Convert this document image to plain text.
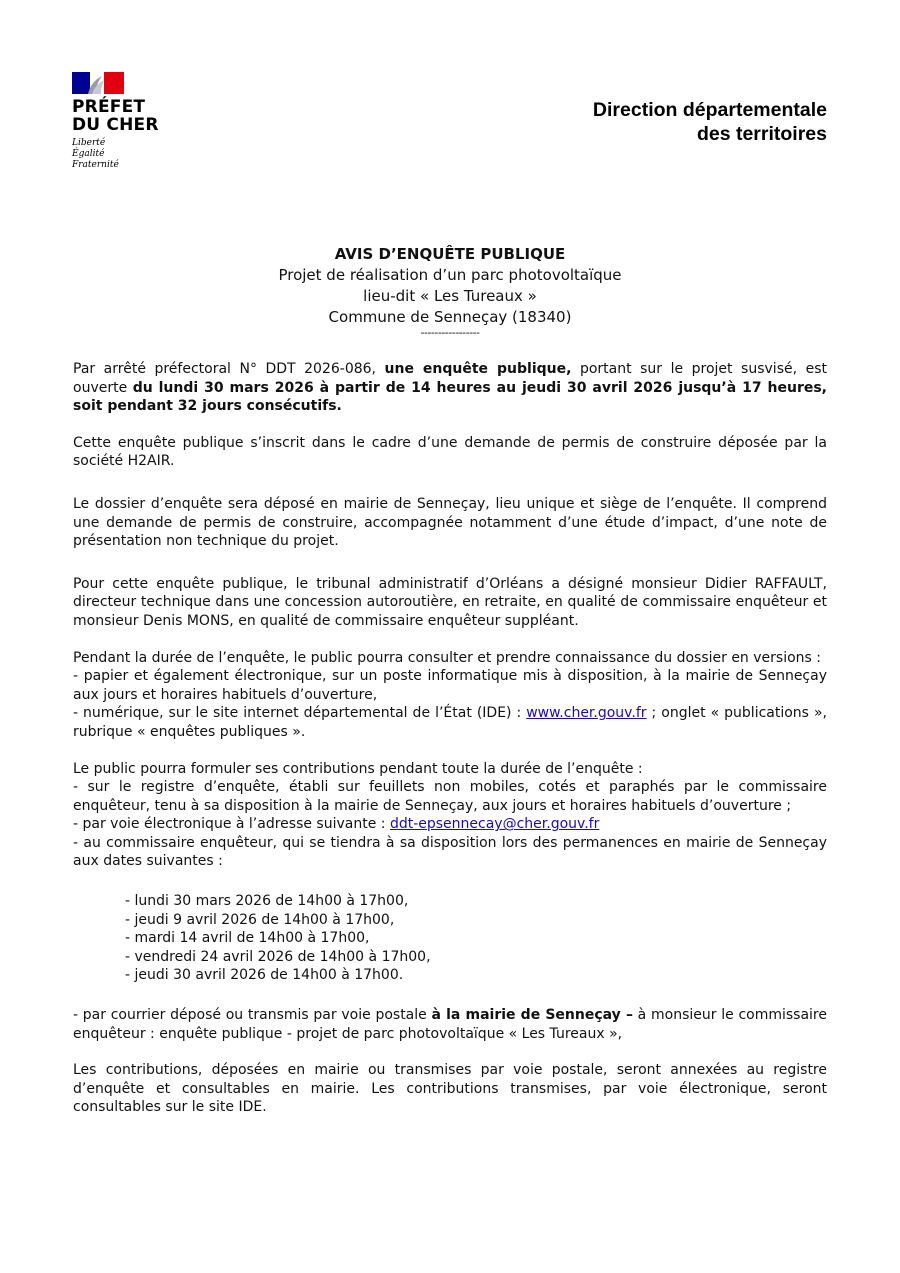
PRÉFET
DU CHER
Liberté
Égalité
Fraternité
Direction départementale
des territoires
AVIS D’ENQUÊTE PUBLIQUE
Projet de réalisation d’un parc photovoltaïque
lieu-dit « Les Tureaux »
Commune de Senneçay (18340)
-----------------

Par arrêté préfectoral N° DDT 2026-086, une enquête publique, portant sur le projet susvisé, est ouverte du lundi 30 mars 2026 à partir de 14 heures au jeudi 30 avril 2026 jusqu’à 17 heures, soit pendant 32 jours consécutifs.

Cette enquête publique s’inscrit dans le cadre d’une demande de permis de construire déposée par la société H2AIR.

Le dossier d’enquête sera déposé en mairie de Senneçay, lieu unique et siège de l’enquête. Il comprend une demande de permis de construire, accompagnée notamment d’une étude d’impact, d’une note de présentation non technique du projet.

Pour cette enquête publique, le tribunal administratif d’Orléans a désigné monsieur Didier RAFFAULT, directeur technique dans une concession autoroutière, en retraite, en qualité de commissaire enquêteur et monsieur Denis MONS, en qualité de commissaire enquêteur suppléant.

Pendant la durée de l’enquête, le public pourra consulter et prendre connaissance du dossier en versions :

- papier et également électronique, sur un poste informatique mis à disposition, à la mairie de Senneçay aux jours et horaires habituels d’ouverture,

- numérique, sur le site internet départemental de l’État (IDE) : www.cher.gouv.fr ; onglet « publications », rubrique « enquêtes publiques ».

Le public pourra formuler ses contributions pendant toute la durée de l’enquête :

- sur le registre d’enquête, établi sur feuillets non mobiles, cotés et paraphés par le commissaire enquêteur, tenu à sa disposition à la mairie de Senneçay, aux jours et horaires habituels d’ouverture ;

- par voie électronique à l’adresse suivante : ddt-epsennecay@cher.gouv.fr

- au commissaire enquêteur, qui se tiendra à sa disposition lors des permanences en mairie de Senneçay aux dates suivantes :

- lundi 30 mars 2026 de 14h00 à 17h00,
- jeudi 9 avril 2026 de 14h00 à 17h00,
- mardi 14 avril de 14h00 à 17h00,
- vendredi 24 avril 2026 de 14h00 à 17h00,
- jeudi 30 avril 2026 de 14h00 à 17h00.

- par courrier déposé ou transmis par voie postale à la mairie de Senneçay – à monsieur le commissaire enquêteur : enquête publique - projet de parc photovoltaïque « Les Tureaux »,

Les contributions, déposées en mairie ou transmises par voie postale, seront annexées au registre d’enquête et consultables en mairie. Les contributions transmises, par voie électronique, seront consultables sur le site IDE.
